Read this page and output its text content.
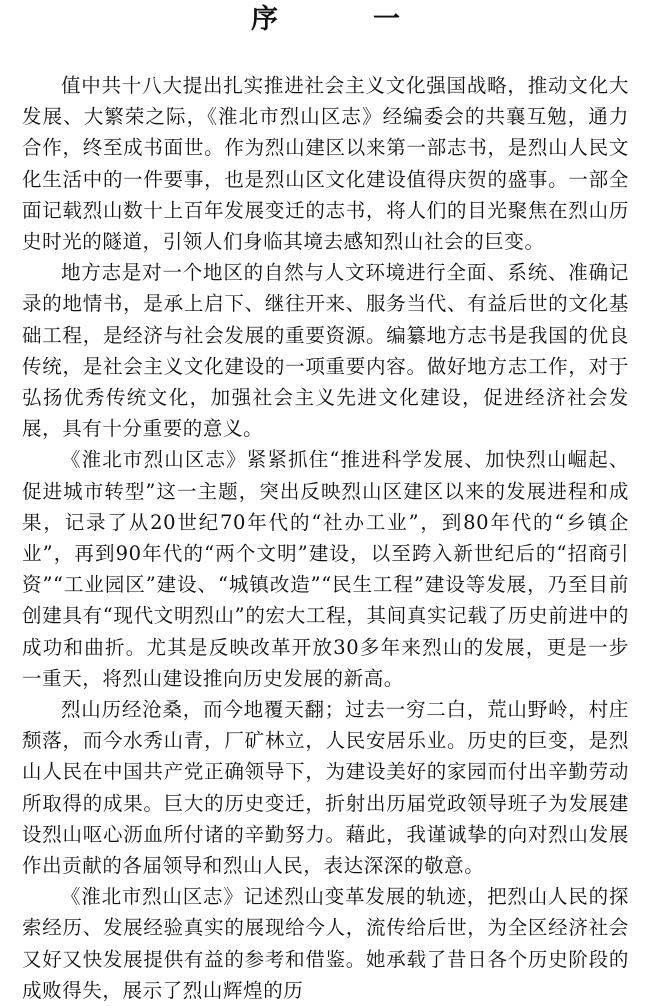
序　一

值中共十八大提出扎实推进社会主义文化强国战略，推动文化大发展、大繁荣之际，《淮北市烈山区志》经编委会的共襄互勉，通力合作，终至成书面世。作为烈山建区以来第一部志书，是烈山人民文化生活中的一件要事，也是烈山区文化建设值得庆贺的盛事。一部全面记载烈山数十上百年发展变迁的志书，将人们的目光聚焦在烈山历史时光的隧道，引领人们身临其境去感知烈山社会的巨变。

地方志是对一个地区的自然与人文环境进行全面、系统、准确记录的地情书，是承上启下、继往开来、服务当代、有益后世的文化基础工程，是经济与社会发展的重要资源。编纂地方志书是我国的优良传统，是社会主义文化建设的一项重要内容。做好地方志工作，对于弘扬优秀传统文化，加强社会主义先进文化建设，促进经济社会发展，具有十分重要的意义。

《淮北市烈山区志》紧紧抓住“推进科学发展、加快烈山崛起、促进城市转型”这一主题，突出反映烈山区建区以来的发展进程和成果，记录了从20世纪70年代的“社办工业”，到80年代的“乡镇企业”，再到90年代的“两个文明”建设，以至跨入新世纪后的“招商引资”“工业园区”建设、“城镇改造”“民生工程”建设等发展，乃至目前创建具有“现代文明烈山”的宏大工程，其间真实记载了历史前进中的成功和曲折。尤其是反映改革开放30多年来烈山的发展，更是一步一重天，将烈山建设推向历史发展的新高。

烈山历经沧桑，而今地覆天翻；过去一穷二白，荒山野岭，村庄颓落，而今水秀山青，厂矿林立，人民安居乐业。历史的巨变，是烈山人民在中国共产党正确领导下，为建设美好的家园而付出辛勤劳动所取得的成果。巨大的历史变迁，折射出历届党政领导班子为发展建设烈山呕心沥血所付诸的辛勤努力。藉此，我谨诚挚的向对烈山发展作出贡献的各届领导和烈山人民，表达深深的敬意。

《淮北市烈山区志》记述烈山变革发展的轨迹，把烈山人民的探索经历、发展经验真实的展现给今人，流传给后世，为全区经济社会又好又快发展提供有益的参考和借鉴。她承载了昔日各个历史阶段的成败得失，展示了烈山辉煌的历
